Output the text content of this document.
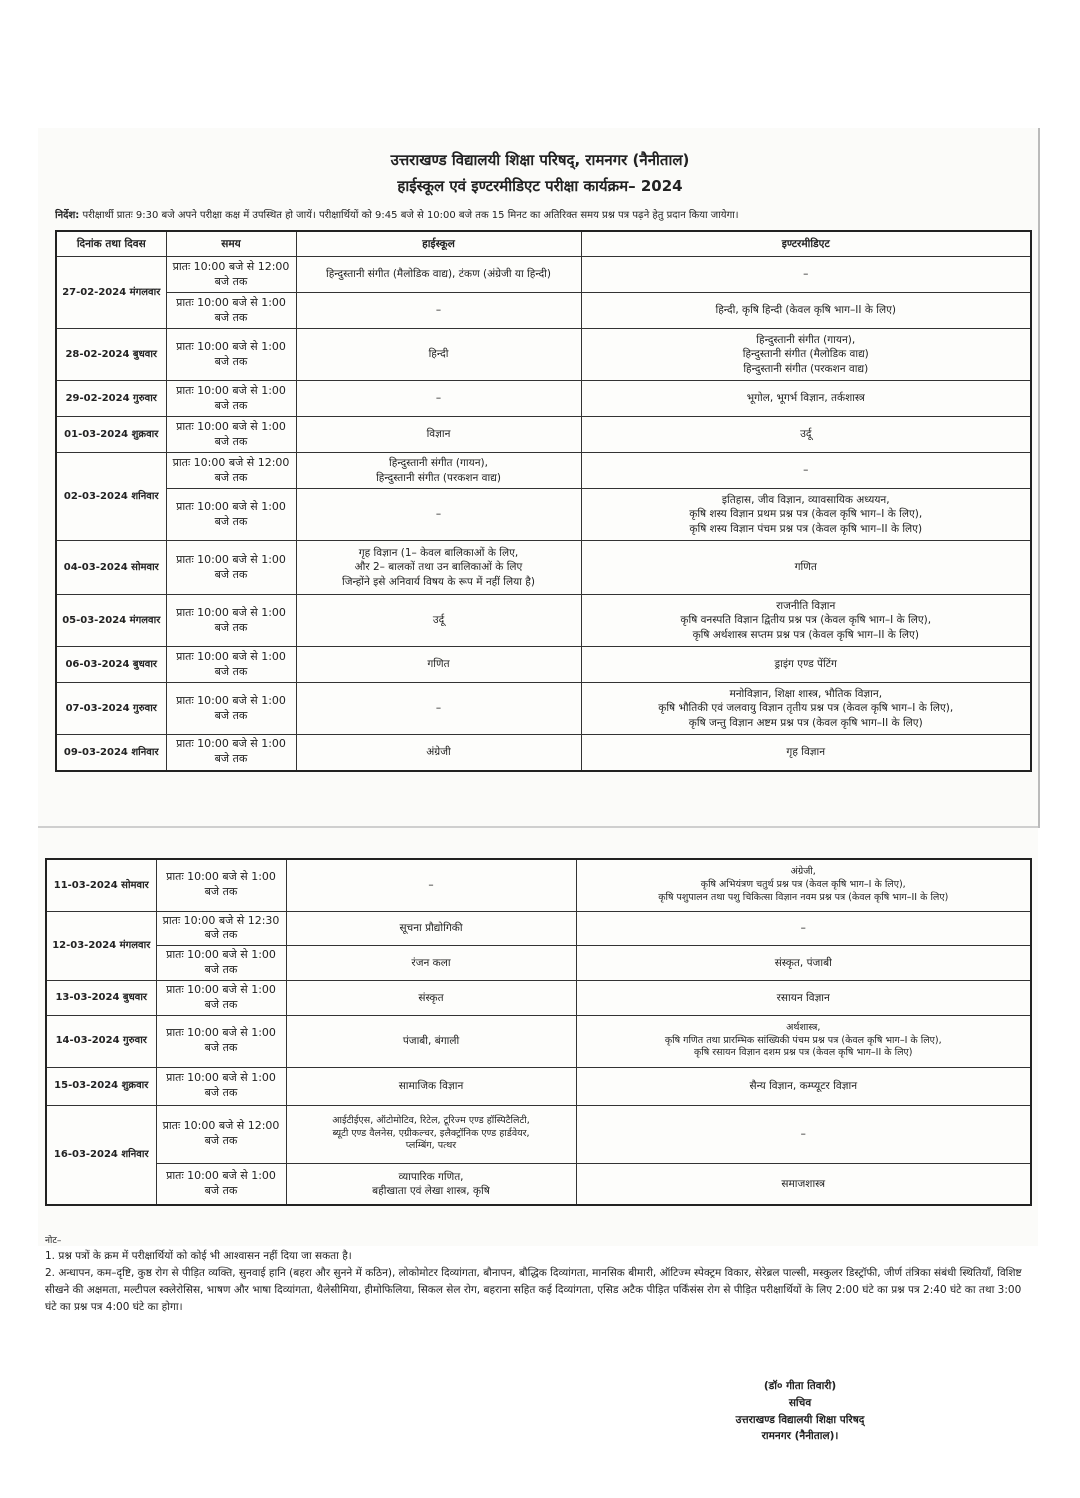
उत्तराखण्ड विद्यालयी शिक्षा परिषद्, रामनगर (नैनीताल)
हाईस्कूल एवं इण्टरमीडिएट परीक्षा कार्यक्रम– 2024
निर्देश: परीक्षार्थी प्रातः 9:30 बजे अपने परीक्षा कक्ष में उपस्थित हो जायें। परीक्षार्थियों को 9:45 बजे से 10:00 बजे तक 15 मिनट का अतिरिक्त समय प्रश्न पत्र पढ़ने हेतु प्रदान किया जायेगा।
दिनांक तथा दिवस	समय	हाईस्कूल	इण्टरमीडिएट
27-02-2024 मंगलवार	प्रातः 10:00 बजे से 12:00 बजे तक	हिन्दुस्तानी संगीत (मैलोडिक वाद्य), टंकण (अंग्रेजी या हिन्दी)	–
	प्रातः 10:00 बजे से 1:00 बजे तक	–	हिन्दी, कृषि हिन्दी (केवल कृषि भाग–II के लिए)
28-02-2024 बुधवार	प्रातः 10:00 बजे से 1:00 बजे तक	हिन्दी	हिन्दुस्तानी संगीत (गायन),
हिन्दुस्तानी संगीत (मैलोडिक वाद्य)
हिन्दुस्तानी संगीत (परकशन वाद्य)

29-02-2024 गुरुवार	प्रातः 10:00 बजे से 1:00 बजे तक	–	भूगोल, भूगर्भ विज्ञान, तर्कशास्त्र
01-03-2024 शुक्रवार	प्रातः 10:00 बजे से 1:00 बजे तक	विज्ञान	उर्दू
02-03-2024 शनिवार	प्रातः 10:00 बजे से 12:00 बजे तक	हिन्दुस्तानी संगीत (गायन),
हिन्दुस्तानी संगीत (परकशन वाद्य)	–
	प्रातः 10:00 बजे से 1:00 बजे तक	–	इतिहास, जीव विज्ञान, व्यावसायिक अध्ययन,
कृषि शस्य विज्ञान प्रथम प्रश्न पत्र (केवल कृषि भाग–I के लिए),
कृषि शस्य विज्ञान पंचम प्रश्न पत्र (केवल कृषि भाग–II के लिए)

04-03-2024 सोमवार	प्रातः 10:00 बजे से 1:00 बजे तक	गृह विज्ञान (1– केवल बालिकाओं के लिए,
और 2– बालकों तथा उन बालिकाओं के लिए
जिन्होंने इसे अनिवार्य विषय के रूप में नहीं लिया है)	गणित
05-03-2024 मंगलवार	प्रातः 10:00 बजे से 1:00 बजे तक	उर्दू	राजनीति विज्ञान
कृषि वनस्पति विज्ञान द्वितीय प्रश्न पत्र (केवल कृषि भाग–I के लिए),
कृषि अर्थशास्त्र सप्तम प्रश्न पत्र (केवल कृषि भाग–II के लिए)

06-03-2024 बुधवार	प्रातः 10:00 बजे से 1:00 बजे तक	गणित	ड्राइंग एण्ड पेंटिंग
07-03-2024 गुरुवार	प्रातः 10:00 बजे से 1:00 बजे तक	–	मनोविज्ञान, शिक्षा शास्त्र, भौतिक विज्ञान,
कृषि भौतिकी एवं जलवायु विज्ञान तृतीय प्रश्न पत्र (केवल कृषि भाग–I के लिए),
कृषि जन्तु विज्ञान अष्टम प्रश्न पत्र (केवल कृषि भाग–II के लिए)

09-03-2024 शनिवार	प्रातः 10:00 बजे से 1:00 बजे तक	अंग्रेजी	गृह विज्ञान
11-03-2024 सोमवार	प्रातः 10:00 बजे से 1:00 बजे तक	–	अंग्रेजी,
कृषि अभियंत्रण चतुर्थ प्रश्न पत्र (केवल कृषि भाग–I के लिए),
कृषि पशुपालन तथा पशु चिकित्सा विज्ञान नवम प्रश्न पत्र (केवल कृषि भाग–II के लिए)

12-03-2024 मंगलवार	प्रातः 10:00 बजे से 12:30 बजे तक	सूचना प्रौद्योगिकी	–
	प्रातः 10:00 बजे से 1:00 बजे तक	रंजन कला	संस्कृत, पंजाबी
13-03-2024 बुधवार	प्रातः 10:00 बजे से 1:00 बजे तक	संस्कृत	रसायन विज्ञान
14-03-2024 गुरुवार	प्रातः 10:00 बजे से 1:00 बजे तक	पंजाबी, बंगाली	अर्थशास्त्र,
कृषि गणित तथा प्रारम्भिक सांख्यिकी पंचम प्रश्न पत्र (केवल कृषि भाग–I के लिए),
कृषि रसायन विज्ञान दशम प्रश्न पत्र (केवल कृषि भाग–II के लिए)

15-03-2024 शुक्रवार	प्रातः 10:00 बजे से 1:00 बजे तक	सामाजिक विज्ञान	सैन्य विज्ञान, कम्प्यूटर विज्ञान
16-03-2024 शनिवार	प्रातः 10:00 बजे से 12:00 बजे तक	आईटीईएस, ऑटोमोटिव, रिटेल, टूरिज्म एण्ड हॉस्पिटैलिटी,
ब्यूटी एण्ड वैलनेस, एग्रीकल्चर, इलैक्ट्रॉनिक एण्ड हार्डवेयर,
प्लम्बिंग, पत्थर	–
	प्रातः 10:00 बजे से 1:00 बजे तक	व्यापारिक गणित,
बहीखाता एवं लेखा शास्त्र, कृषि	समाजशास्त्र
नोट–

1. प्रश्न पत्रों के क्रम में परीक्षार्थियों को कोई भी आश्वासन नहीं दिया जा सकता है।

2. अन्धापन, कम–दृष्टि, कुष्ठ रोग से पीड़ित व्यक्ति, सुनवाई हानि (बहरा और सुनने में कठिन), लोकोमोटर दिव्यांगता, बौनापन, बौद्धिक दिव्यांगता, मानसिक बीमारी, ऑटिज्म स्पेक्ट्रम विकार, सेरेब्रल पाल्सी, मस्कुलर डिस्ट्रॉफी, जीर्ण तंत्रिका संबंधी स्थितियाँ, विशिष्ट सीखने की अक्षमता, मल्टीपल स्क्लेरोसिस, भाषण और भाषा दिव्यांगता, थैलेसीमिया, हीमोफिलिया, सिकल सेल रोग, बहराना सहित कई दिव्यांगता, एसिड अटैक पीड़ित पर्किंसंस रोग से पीड़ित परीक्षार्थियों के लिए 2:00 घंटे का प्रश्न पत्र 2:40 घंटे का तथा 3:00 घंटे का प्रश्न पत्र 4:00 घंटे का होगा।

(डॉ० गीता तिवारी)
सचिव
उत्तराखण्ड विद्यालयी शिक्षा परिषद्
रामनगर (नैनीताल)।
